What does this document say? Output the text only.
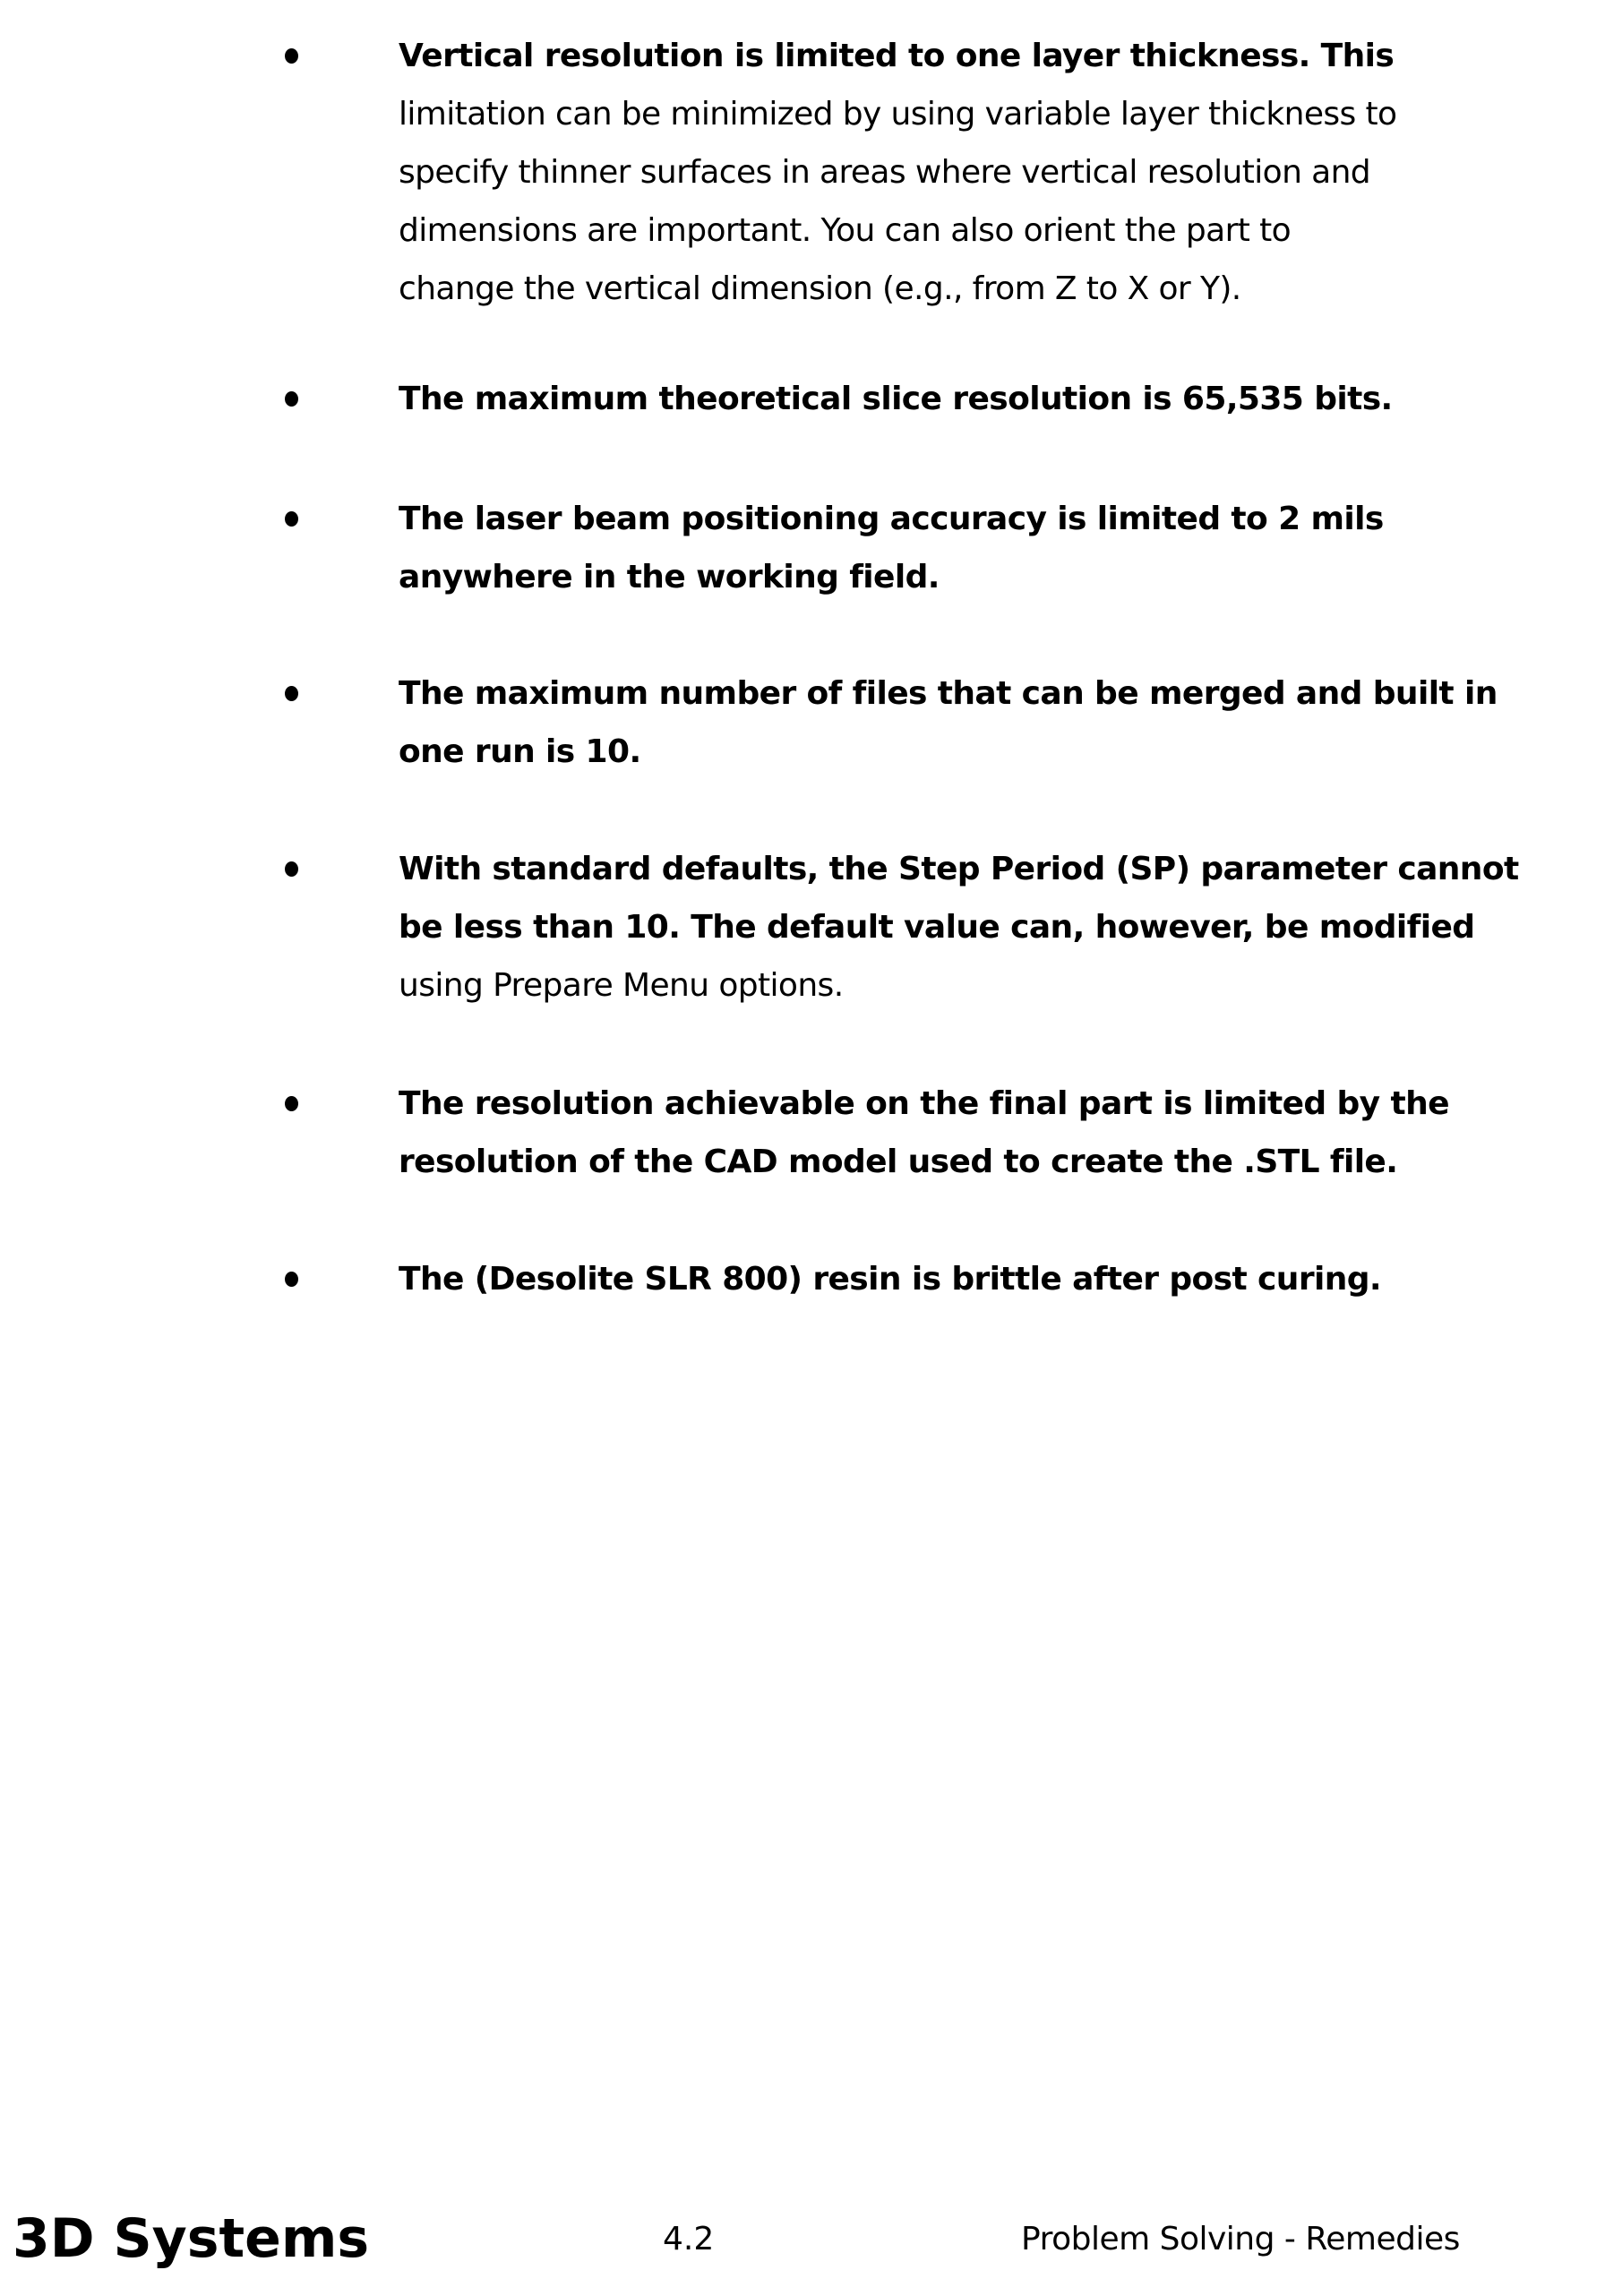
Vertical resolution is limited to one layer thickness. This
limitation can be minimized by using variable layer thickness to
specify thinner surfaces in areas where vertical resolution and
dimensions are important. You can also orient the part to
change the vertical dimension (e.g., from Z to X or Y).
The maximum theoretical slice resolution is 65,535 bits.
The laser beam positioning accuracy is limited to 2 mils
anywhere in the working field.
The maximum number of files that can be merged and built in
one run is 10.
With standard defaults, the Step Period (SP) parameter cannot
be less than 10. The default value can, however, be modified
using Prepare Menu options.
The resolution achievable on the final part is limited by the
resolution of the CAD model used to create the .STL file.
The (Desolite SLR 800) resin is brittle after post curing.
3D Systems	4.2	Problem Solving - Remedies
